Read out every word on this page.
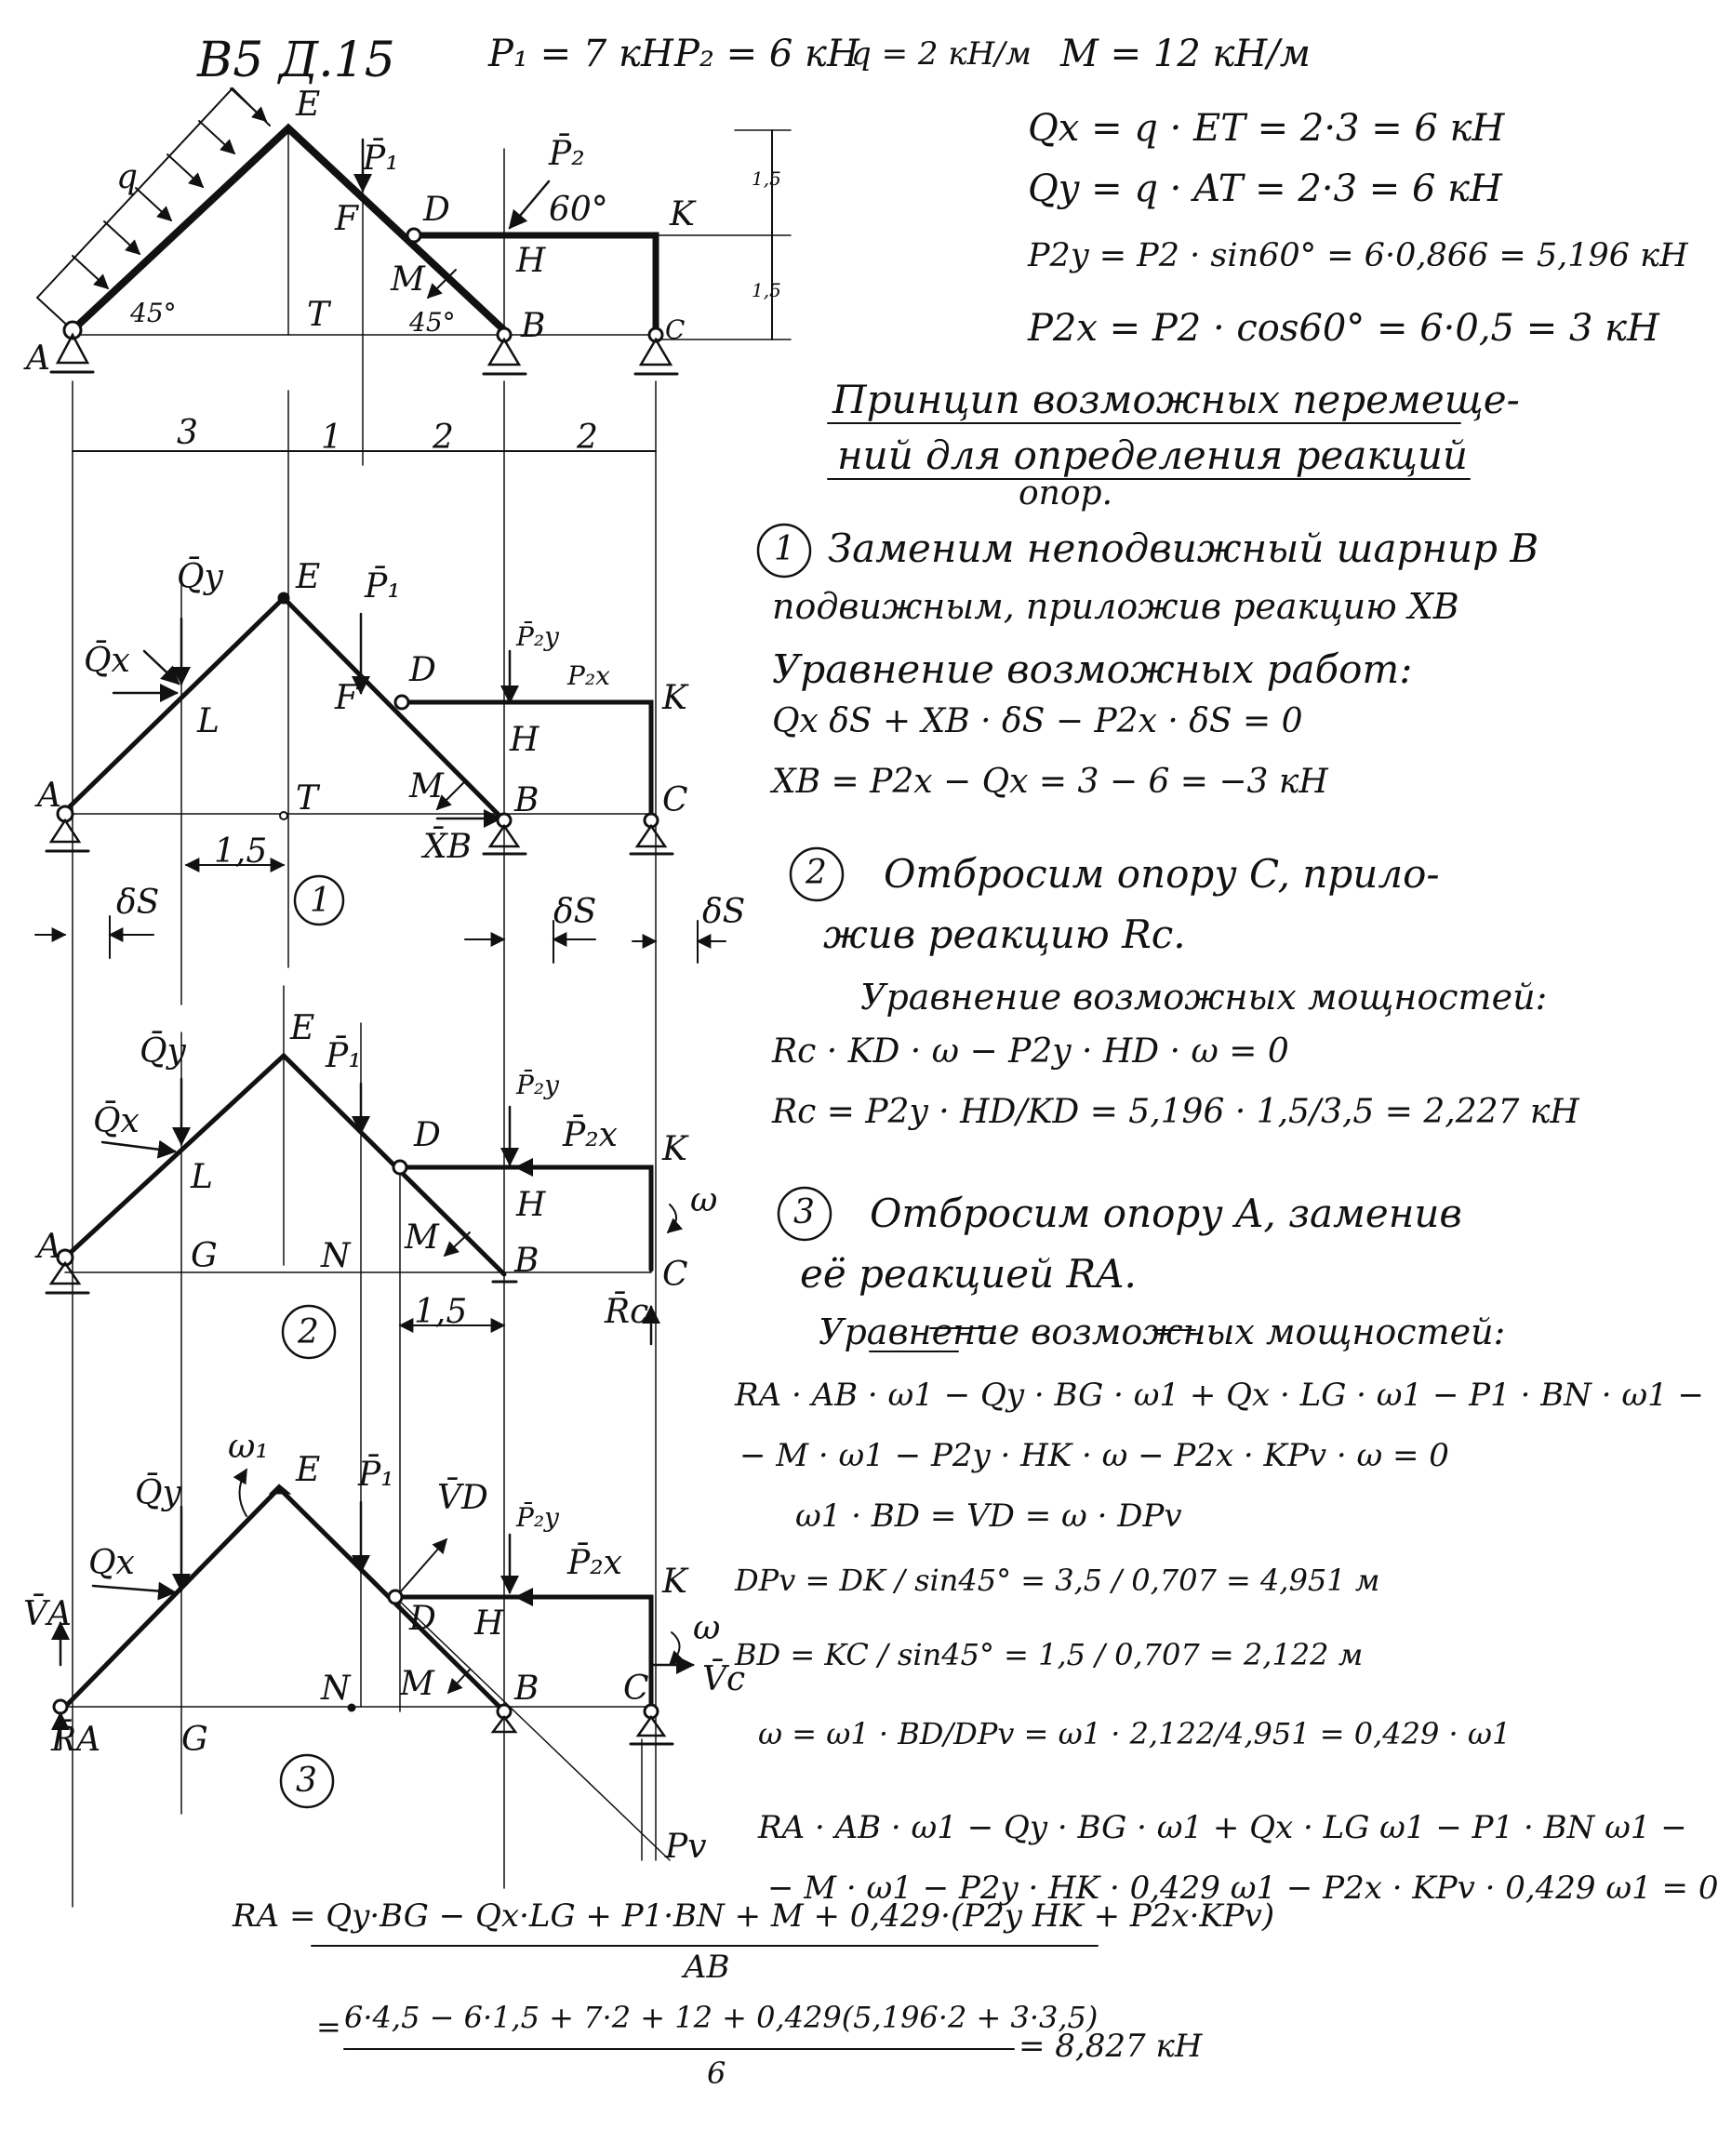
В5 Д.15	P₁ = 7 кН P₂ = 6 кН
q = 2 кН/м M = 12 кН/м
Qx = q · ET = 2·3 = 6 кН
Qy = q · AT = 2·3 = 6 кН
P2y = P2 · sin60° = 6·0,866 = 5,196 кН
P2x = P2 · cos60° = 6·0,5 = 3 кН
Принцип возможных перемеще-
ний для определения реакций
опор.
1 Заменим неподвижный шарнир B
подвижным, приложив реакцию XB
Уравнение возможных работ:
Qx δS + XB · δS − P2x · δS = 0
XB = P2x − Qx = 3 − 6 = −3 кН
2 Отбросим опору C, прило-
жив реакцию Rc.
Уравнение возможных мощностей:
Rc · KD · ω − P2y · HD · ω = 0
Rc = P2y · HD/KD = 5,196 · 1,5/3,5 = 2,227 кН
3 Отбросим опору A, заменив
её реакцией RA.
Уравнение возможных мощностей:
RA · AB · ω1 − Qy · BG · ω1 + Qx · LG · ω1 − P1 · BN · ω1 −
− M · ω1 − P2y · HK · ω − P2x · KPv · ω = 0
ω1 · BD = VD = ω · DPv
DPv = DK / sin45° = 3,5 / 0,707 = 4,951 м
BD = KC / sin45° = 1,5 / 0,707 = 2,122 м
ω = ω1 · BD/DPv = ω1 · 2,122/4,951 = 0,429 · ω1
RA · AB · ω1 − Qy · BG · ω1 + Qx · LG ω1 − P1 · BN ω1 −
− M · ω1 − P2y · HK · 0,429 ω1 − P2x · KPv · 0,429 ω1 = 0
RA = Qy·BG − Qx·LG + P1·BN + M + 0,429·(P2y HK + P2x·KPv)
AB
6·4,5 − 6·1,5 + 7·2 + 12 + 0,429(5,196·2 + 3·3,5)
=
6
= 8,827 кН
A
E
F D	K
H
T	B	C
P̄₁	P̄₂
q
M
45°	45°
60°
1,5
1,5
3	1	2	2
Q̄y E P̄₁
Q̄x
L
F
D
P̄₂y
P₂x
K
H
A	T	M B	C
X̄B
1,5
1
δS	δS	δS
Q̄y
E
P̄₁
Q̄x
L
D
P̄₂y
P̄₂x K
H	ω
A	G	N M
B	C
R̄c
1,5
2
ω₁
E
Q̄y	P̄₁
V̄D
P̄₂y
P̄₂x K
Qx
V̄A	D H	ω
N M B	C V̄c
R̄A G
3
Pv
